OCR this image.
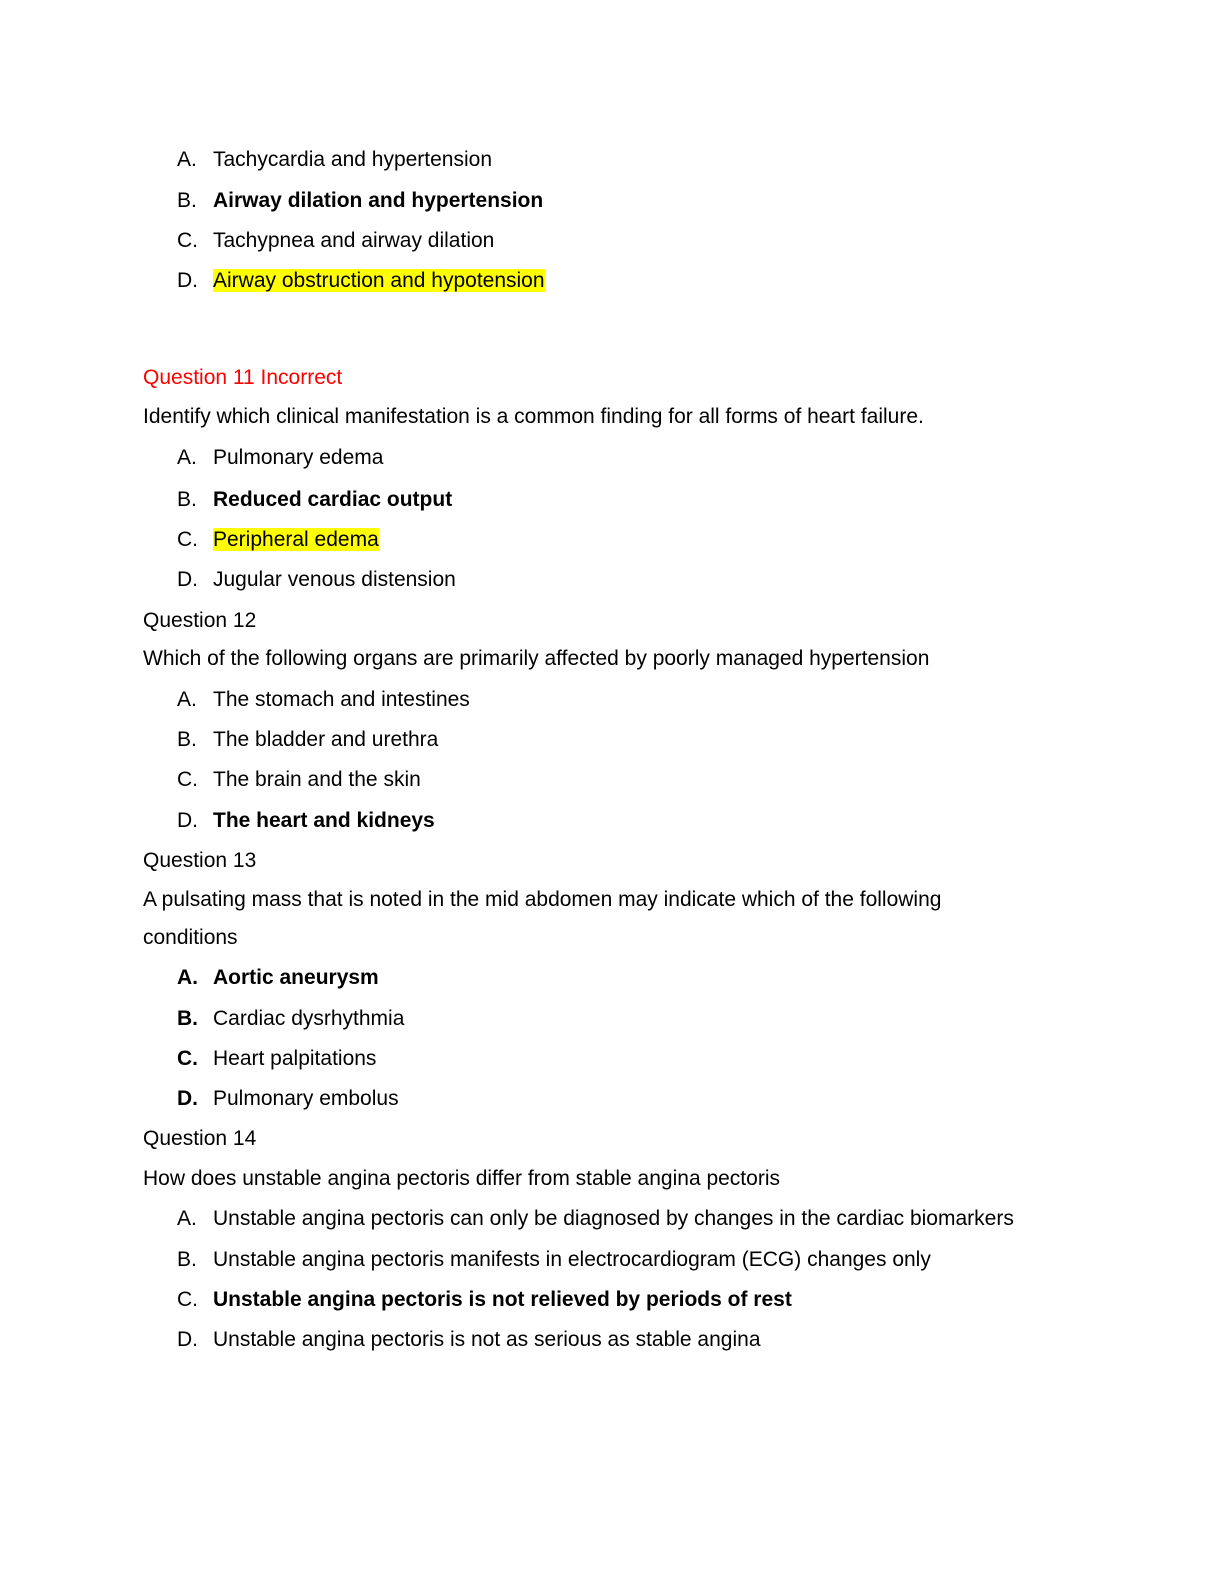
A. Tachycardia and hypertension
B. Airway dilation and hypertension
C. Tachypnea and airway dilation
D. Airway obstruction and hypotension
Question 11 Incorrect
Identify which clinical manifestation is a common finding for all forms of heart failure.
A. Pulmonary edema
B. Reduced cardiac output
C. Peripheral edema
D. Jugular venous distension
Question 12
Which of the following organs are primarily affected by poorly managed hypertension
A. The stomach and intestines
B. The bladder and urethra
C. The brain and the skin
D. The heart and kidneys
Question 13
A pulsating mass that is noted in the mid abdomen may indicate which of the following
conditions
A. Aortic aneurysm
B. Cardiac dysrhythmia
C. Heart palpitations
D. Pulmonary embolus
Question 14
How does unstable angina pectoris differ from stable angina pectoris
A. Unstable angina pectoris can only be diagnosed by changes in the cardiac biomarkers
B. Unstable angina pectoris manifests in electrocardiogram (ECG) changes only
C. Unstable angina pectoris is not relieved by periods of rest
D. Unstable angina pectoris is not as serious as stable angina
